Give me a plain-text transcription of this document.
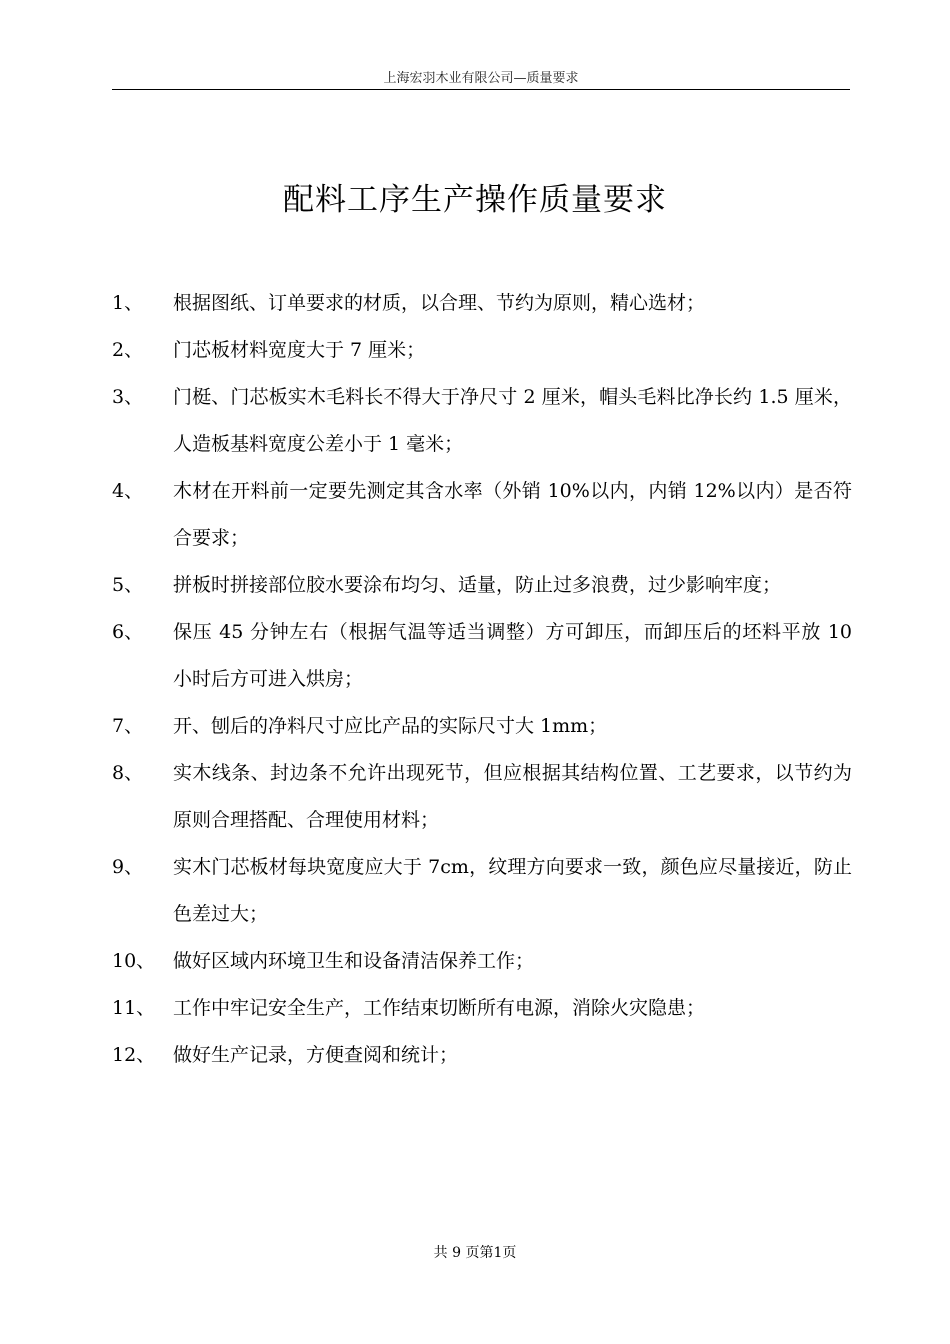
上海宏羽木业有限公司—质量要求
配料工序生产操作质量要求
1、	根据图纸、订单要求的材质，以合理、节约为原则，精心选材；
2、	门芯板材料宽度大于 7 厘米；
3、	门梃、门芯板实木毛料长不得大于净尺寸 2 厘米，帽头毛料比净长约 1.5 厘米，人造板基料宽度公差小于 1 毫米；
4、	木材在开料前一定要先测定其含水率（外销 10%以内，内销 12%以内）是否符合要求；
5、	拼板时拼接部位胶水要涂布均匀、适量，防止过多浪费，过少影响牢度；
6、	保压 45 分钟左右（根据气温等适当调整）方可卸压，而卸压后的坯料平放 10 小时后方可进入烘房；
7、	开、刨后的净料尺寸应比产品的实际尺寸大 1mm；
8、	实木线条、封边条不允许出现死节，但应根据其结构位置、工艺要求，以节约为原则合理搭配、合理使用材料；
9、	实木门芯板材每块宽度应大于 7cm，纹理方向要求一致，颜色应尽量接近，防止色差过大；
10、 做好区域内环境卫生和设备清洁保养工作；
11、 工作中牢记安全生产，工作结束切断所有电源，消除火灾隐患；
12、 做好生产记录，方便查阅和统计；
共 9 页第1页
